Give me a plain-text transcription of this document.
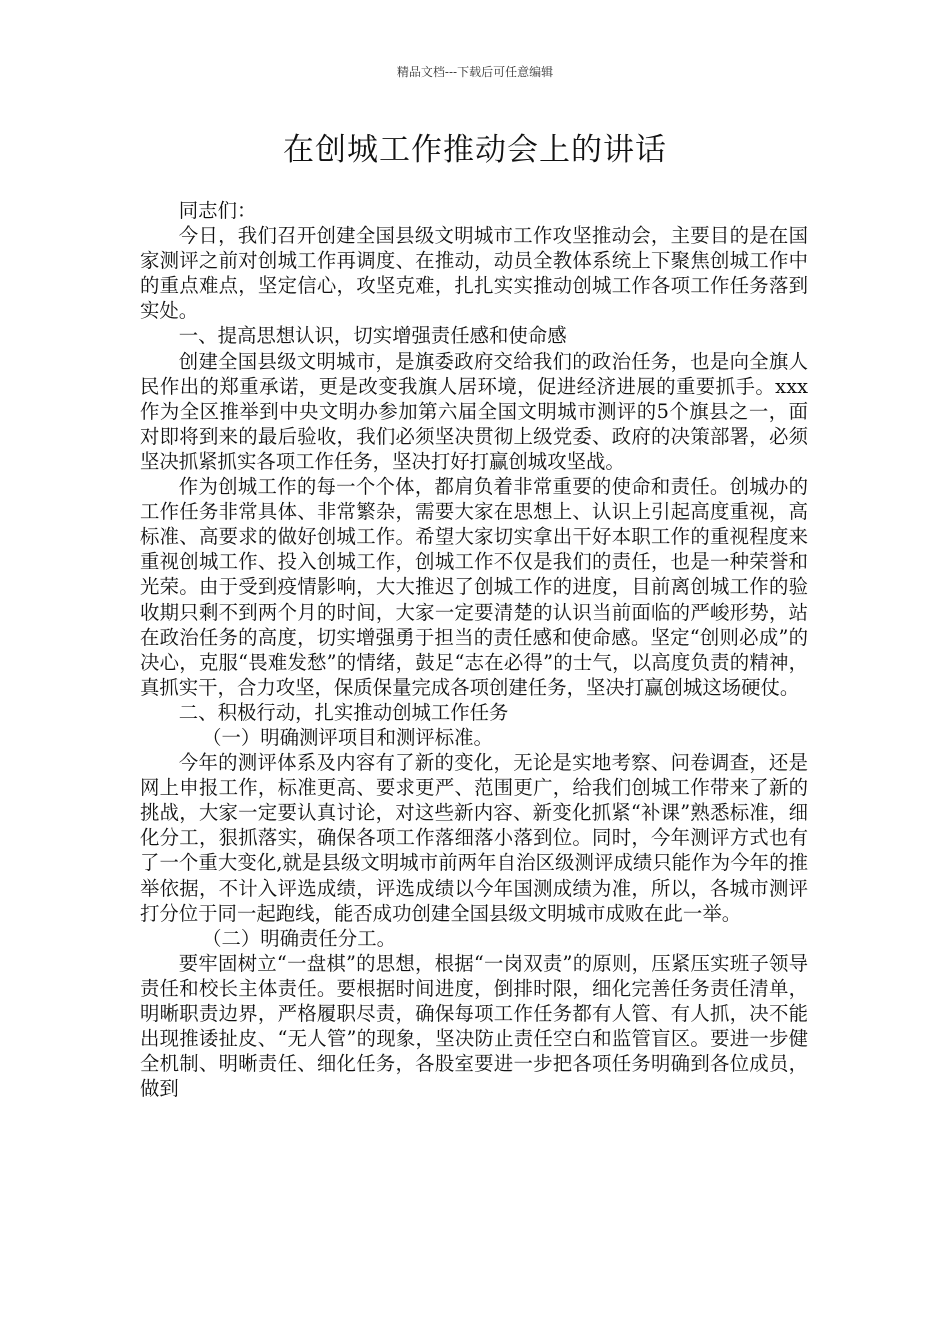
精品文档---下载后可任意编辑
在创城工作推动会上的讲话

同志们：

今日，我们召开创建全国县级文明城市工作攻坚推动会，主要目的是在国家测评之前对创城工作再调度、在推动，动员全教体系统上下聚焦创城工作中的重点难点，坚定信心，攻坚克难，扎扎实实推动创城工作各项工作任务落到实处。

一、提高思想认识，切实增强责任感和使命感

创建全国县级文明城市，是旗委政府交给我们的政治任务，也是向全旗人民作出的郑重承诺，更是改变我旗人居环境，促进经济进展的重要抓手。xxx作为全区推举到中央文明办参加第六届全国文明城市测评的5个旗县之一，面对即将到来的最后验收，我们必须坚决贯彻上级党委、政府的决策部署，必须坚决抓紧抓实各项工作任务，坚决打好打赢创城攻坚战。

作为创城工作的每一个个体，都肩负着非常重要的使命和责任。创城办的工作任务非常具体、非常繁杂，需要大家在思想上、认识上引起高度重视，高标准、高要求的做好创城工作。希望大家切实拿出干好本职工作的重视程度来重视创城工作、投入创城工作，创城工作不仅是我们的责任，也是一种荣誉和光荣。由于受到疫情影响，大大推迟了创城工作的进度，目前离创城工作的验收期只剩不到两个月的时间，大家一定要清楚的认识当前面临的严峻形势，站在政治任务的高度，切实增强勇于担当的责任感和使命感。坚定“创则必成”的决心，克服“畏难发愁”的情绪，鼓足“志在必得”的士气，以高度负责的精神，真抓实干，合力攻坚，保质保量完成各项创建任务，坚决打赢创城这场硬仗。

二、积极行动，扎实推动创城工作任务

（一）明确测评项目和测评标准。

今年的测评体系及内容有了新的变化，无论是实地考察、问卷调查，还是网上申报工作，标准更高、要求更严、范围更广，给我们创城工作带来了新的挑战，大家一定要认真讨论，对这些新内容、新变化抓紧“补课”熟悉标准，细化分工，狠抓落实，确保各项工作落细落小落到位。同时，今年测评方式也有了一个重大变化,就是县级文明城市前两年自治区级测评成绩只能作为今年的推举依据，不计入评选成绩，评选成绩以今年国测成绩为准，所以，各城市测评打分位于同一起跑线，能否成功创建全国县级文明城市成败在此一举。

（二）明确责任分工。

要牢固树立“一盘棋”的思想，根据“一岗双责”的原则，压紧压实班子领导责任和校长主体责任。要根据时间进度，倒排时限，细化完善任务责任清单，明晰职责边界，严格履职尽责，确保每项工作任务都有人管、有人抓，决不能出现推诿扯皮、“无人管”的现象，坚决防止责任空白和监管盲区。要进一步健全机制、明晰责任、细化任务，各股室要进一步把各项任务明确到各位成员，做到
